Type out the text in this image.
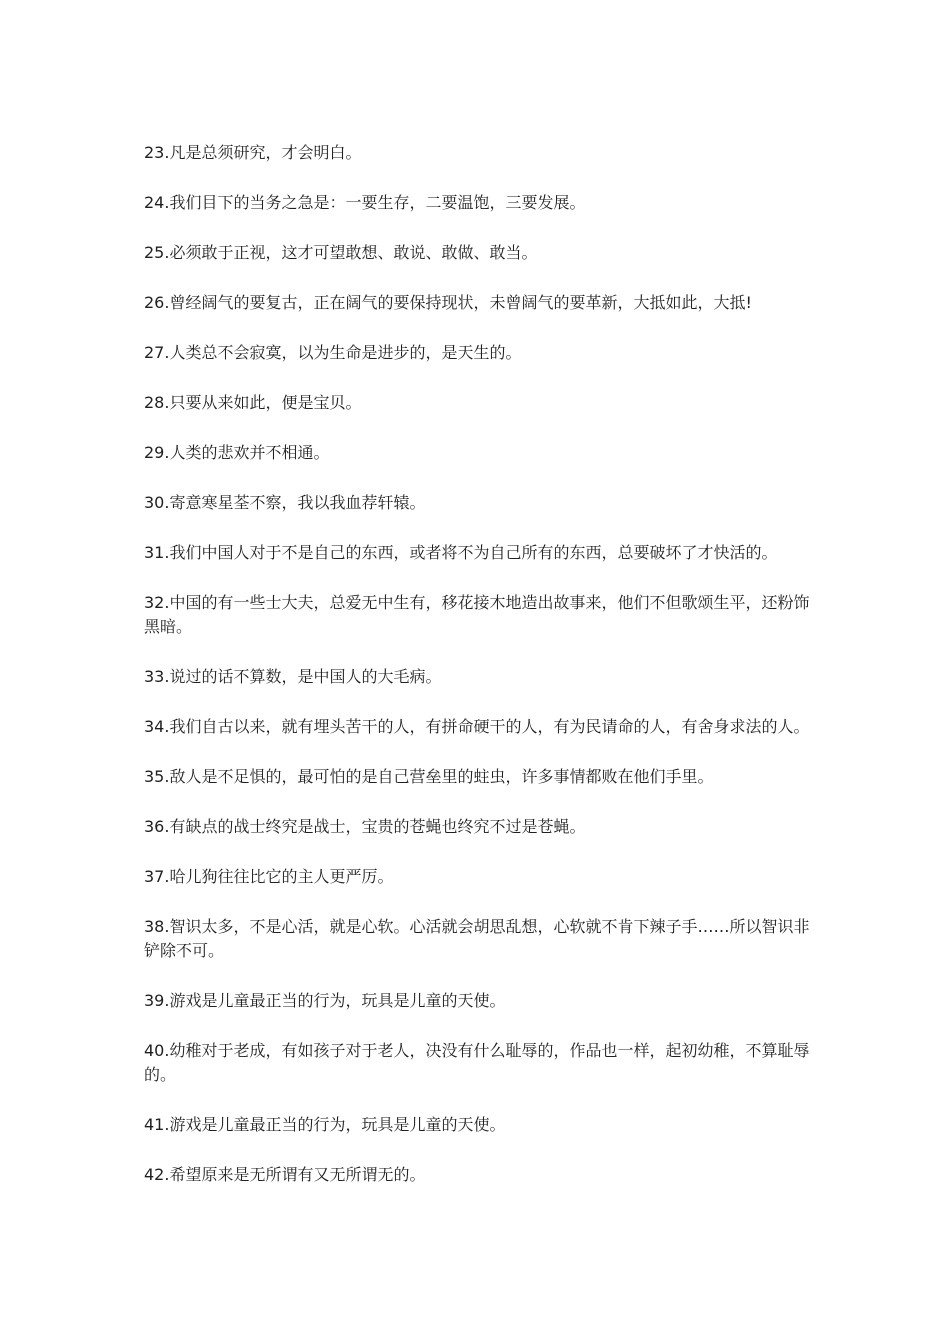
23.凡是总须研究，才会明白。

24.我们目下的当务之急是：一要生存，二要温饱，三要发展。

25.必须敢于正视，这才可望敢想、敢说、敢做、敢当。

26.曾经阔气的要复古，正在阔气的要保持现状，未曾阔气的要革新，大抵如此，大抵!

27.人类总不会寂寞，以为生命是进步的，是天生的。

28.只要从来如此，便是宝贝。

29.人类的悲欢并不相通。

30.寄意寒星荃不察，我以我血荐轩辕。

31.我们中国人对于不是自己的东西，或者将不为自己所有的东西，总要破坏了才快活的。

32.中国的有一些士大夫，总爱无中生有，移花接木地造出故事来，他们不但歌颂生平，还粉饰黑暗。

33.说过的话不算数，是中国人的大毛病。

34.我们自古以来，就有埋头苦干的人，有拼命硬干的人，有为民请命的人，有舍身求法的人。

35.敌人是不足惧的，最可怕的是自己营垒里的蛀虫，许多事情都败在他们手里。

36.有缺点的战士终究是战士，宝贵的苍蝇也终究不过是苍蝇。

37.哈儿狗往往比它的主人更严厉。

38.智识太多，不是心活，就是心软。心活就会胡思乱想，心软就不肯下辣子手……所以智识非铲除不可。

39.游戏是儿童最正当的行为，玩具是儿童的天使。

40.幼稚对于老成，有如孩子对于老人，决没有什么耻辱的，作品也一样，起初幼稚，不算耻辱的。

41.游戏是儿童最正当的行为，玩具是儿童的天使。

42.希望原来是无所谓有又无所谓无的。
